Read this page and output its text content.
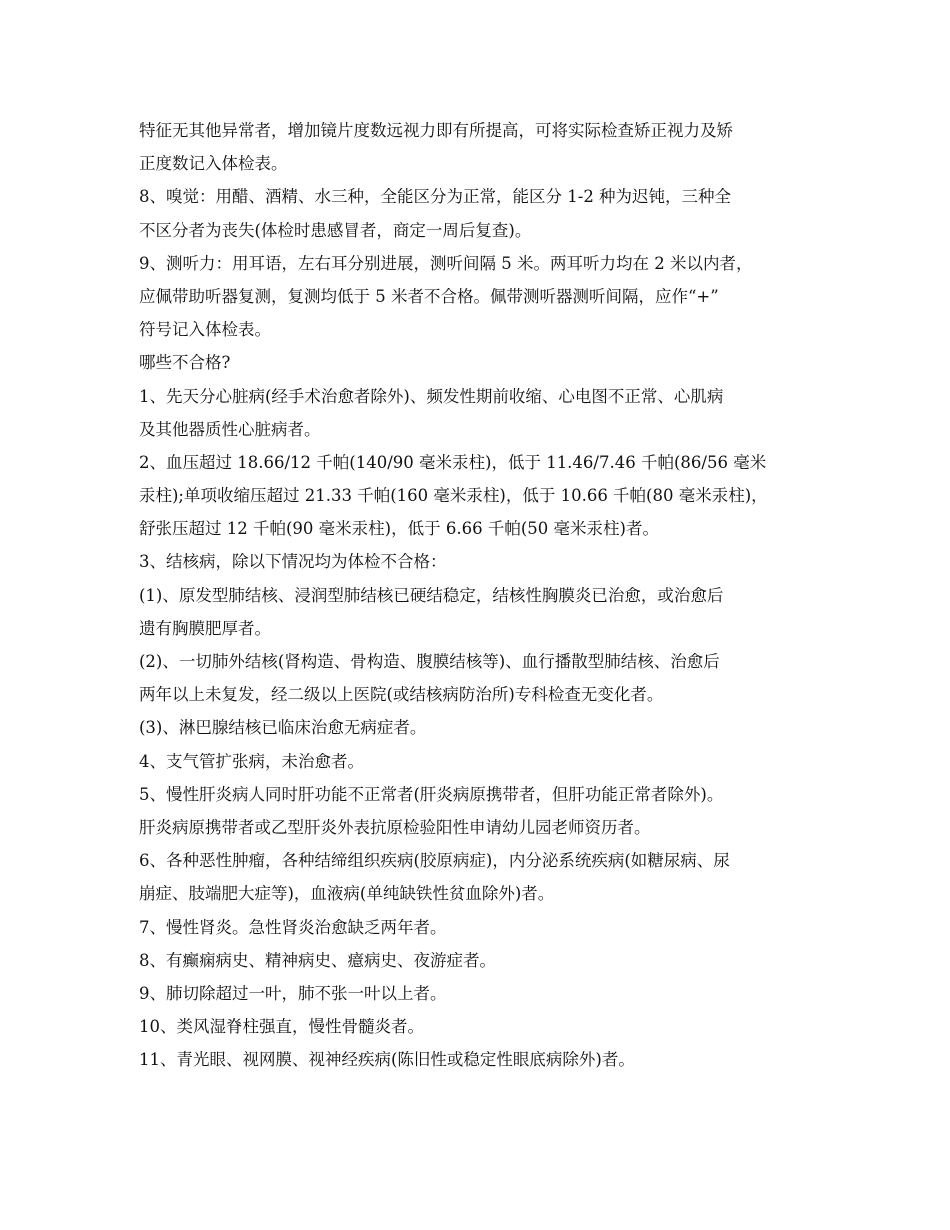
特征无其他异常者，增加镜片度数远视力即有所提高，可将实际检查矫正视力及矫

正度数记入体检表。

8、嗅觉：用醋、酒精、水三种，全能区分为正常，能区分 1-2 种为迟钝，三种全

不区分者为丧失(体检时患感冒者，商定一周后复查)。

9、测听力：用耳语，左右耳分别进展，测听间隔 5 米。两耳听力均在 2 米以内者，

应佩带助听器复测，复测均低于 5 米者不合格。佩带测听器测听间隔，应作“+”

符号记入体检表。

哪些不合格?

1、先天分心脏病(经手术治愈者除外)、频发性期前收缩、心电图不正常、心肌病

及其他器质性心脏病者。

2、血压超过 18.66/12 千帕(140/90 毫米汞柱)，低于 11.46/7.46 千帕(86/56 毫米

汞柱);单项收缩压超过 21.33 千帕(160 毫米汞柱)，低于 10.66 千帕(80 毫米汞柱)，

舒张压超过 12 千帕(90 毫米汞柱)，低于 6.66 千帕(50 毫米汞柱)者。

3、结核病，除以下情况均为体检不合格：

(1)、原发型肺结核、浸润型肺结核已硬结稳定，结核性胸膜炎已治愈，或治愈后

遗有胸膜肥厚者。

(2)、一切肺外结核(肾构造、骨构造、腹膜结核等)、血行播散型肺结核、治愈后

两年以上未复发，经二级以上医院(或结核病防治所)专科检查无变化者。

(3)、淋巴腺结核已临床治愈无病症者。

4、支气管扩张病，未治愈者。

5、慢性肝炎病人同时肝功能不正常者(肝炎病原携带者，但肝功能正常者除外)。

肝炎病原携带者或乙型肝炎外表抗原检验阳性申请幼儿园老师资历者。

6、各种恶性肿瘤，各种结缔组织疾病(胶原病症)，内分泌系统疾病(如糖尿病、尿

崩症、肢端肥大症等)，血液病(单纯缺铁性贫血除外)者。

7、慢性肾炎。急性肾炎治愈缺乏两年者。

8、有癫痫病史、精神病史、癔病史、夜游症者。

9、肺切除超过一叶，肺不张一叶以上者。

10、类风湿脊柱强直，慢性骨髓炎者。

11、青光眼、视网膜、视神经疾病(陈旧性或稳定性眼底病除外)者。
